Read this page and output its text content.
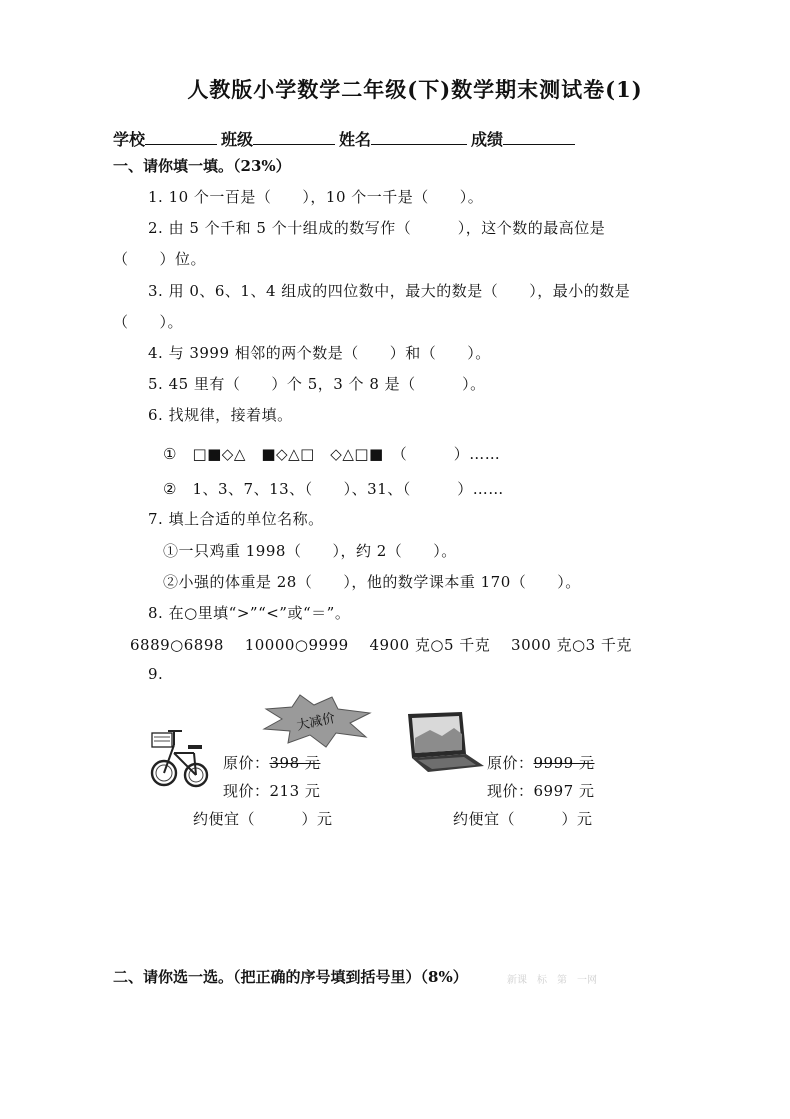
人教版小学数学二年级(下)数学期末测试卷(1)
学校	班级	姓名	成绩
一、请你填一填。（23%）
1. 10 个一百是（　　），10 个一千是（　　）。
2. 由 5 个千和 5 个十组成的数写作（　　　），这个数的最高位是
（　　）位。
3. 用 0、6、1、4 组成的四位数中，最大的数是（　　），最小的数是
（　　）。
4. 与 3999 相邻的两个数是（　　）和（　　）。
5. 45 里有（　　）个 5，3 个 8 是（　　　）。
6. 找规律，接着填。
①　□■◇△　■◇△□　◇△□■　（　　　）……
②　1、3、7、13、（　　）、31、（　　　）……
7. 填上合适的单位名称。
①一只鸡重 1998（　　），约 2（　　）。
②小强的体重是 28（　　），他的数学课本重 170（　　）。
8. 在○里填“>”“<”或“＝”。
6889○6898　 10000○9999　 4900 克○5 千克　 3000 克○3 千克
9.
大减价
原价：398 元
现价：213 元
约便宜（　　　）元
原价：9999 元
现价：6997 元
约便宜（　　　）元
二、请你选一选。（把正确的序号填到括号里）（8%）	新课　标　第　一网
